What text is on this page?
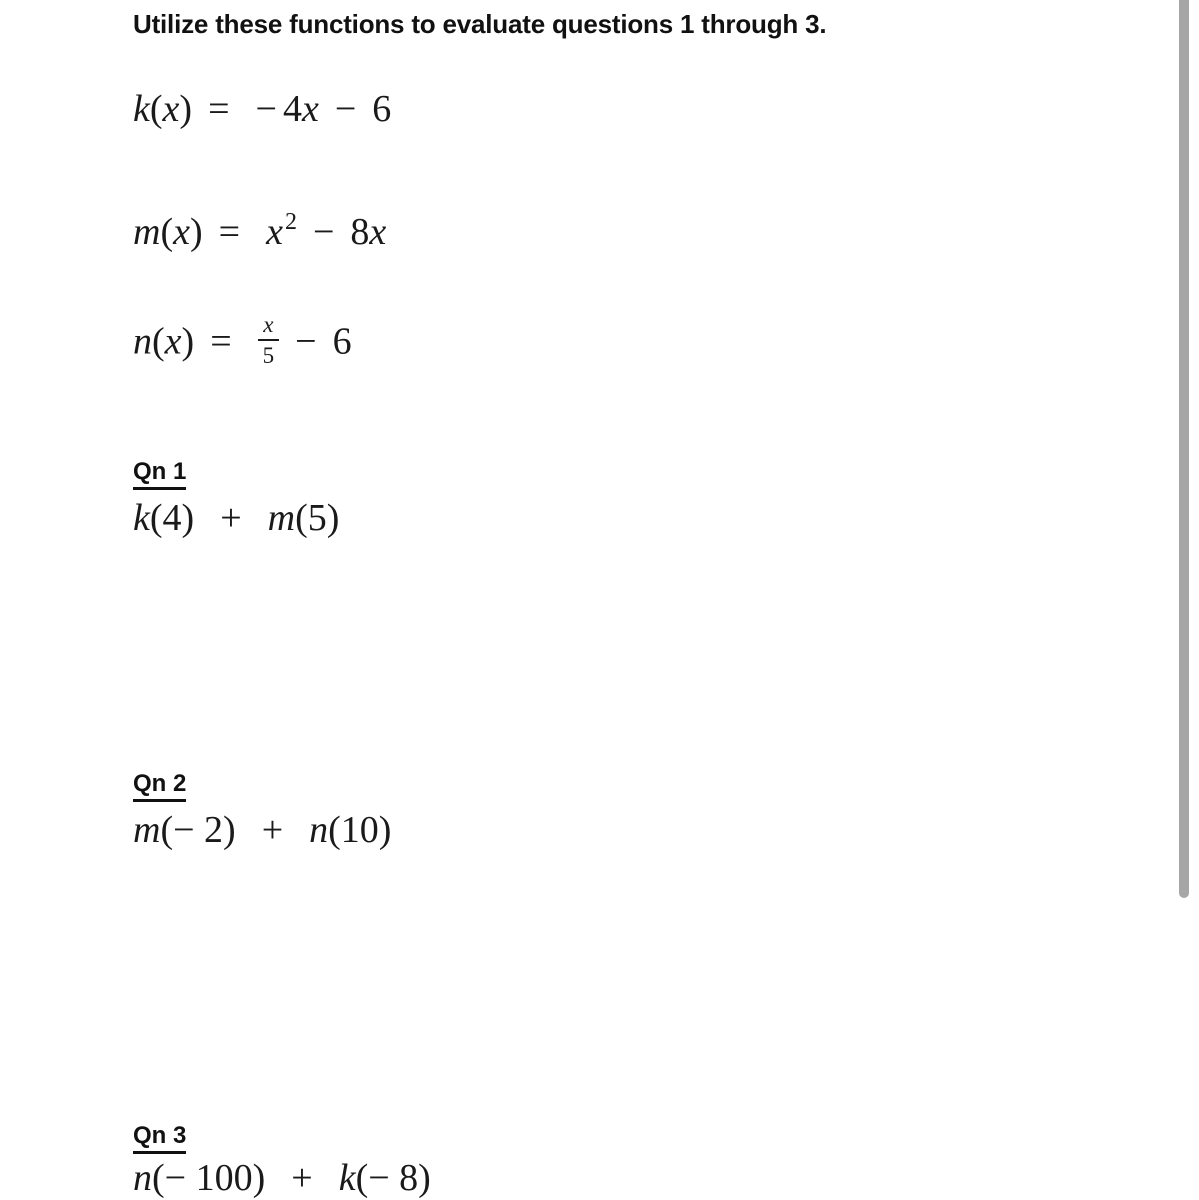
Utilize these functions to evaluate questions 1 through 3.
k(x) = − 4x − 6
m(x) = x2 − 8x
$n(x) = \frac{x}{5} - 6$
Qn 1
k(4) + m(5)
Qn 2
m(− 2) + n(10)
Qn 3
n(− 100) + k(− 8)
